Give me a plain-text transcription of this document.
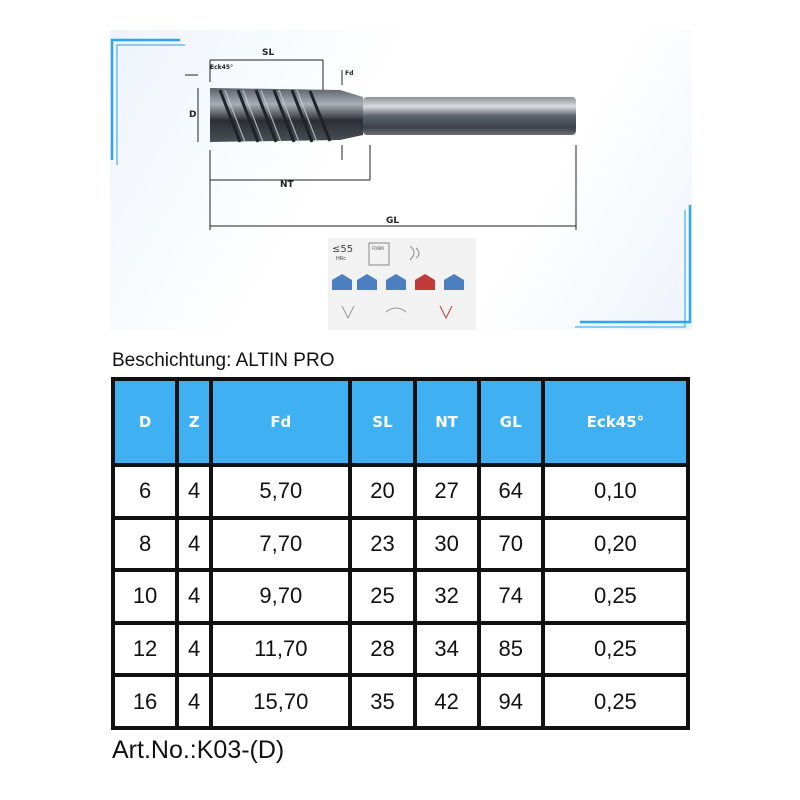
SL
Fd
Eck45°
D
NT
GL
≤55
HRc
FORM
Beschichtung: ALTIN PRO
D	Z	Fd	SL	NT	GL	Eck45°
6	4	5,70	20	27	64	0,10
8	4	7,70	23	30	70	0,20
10	4	9,70	25	32	74	0,25
12	4	11,70	28	34	85	0,25
16	4	15,70	35	42	94	0,25
Art.No.:K03-(D)
